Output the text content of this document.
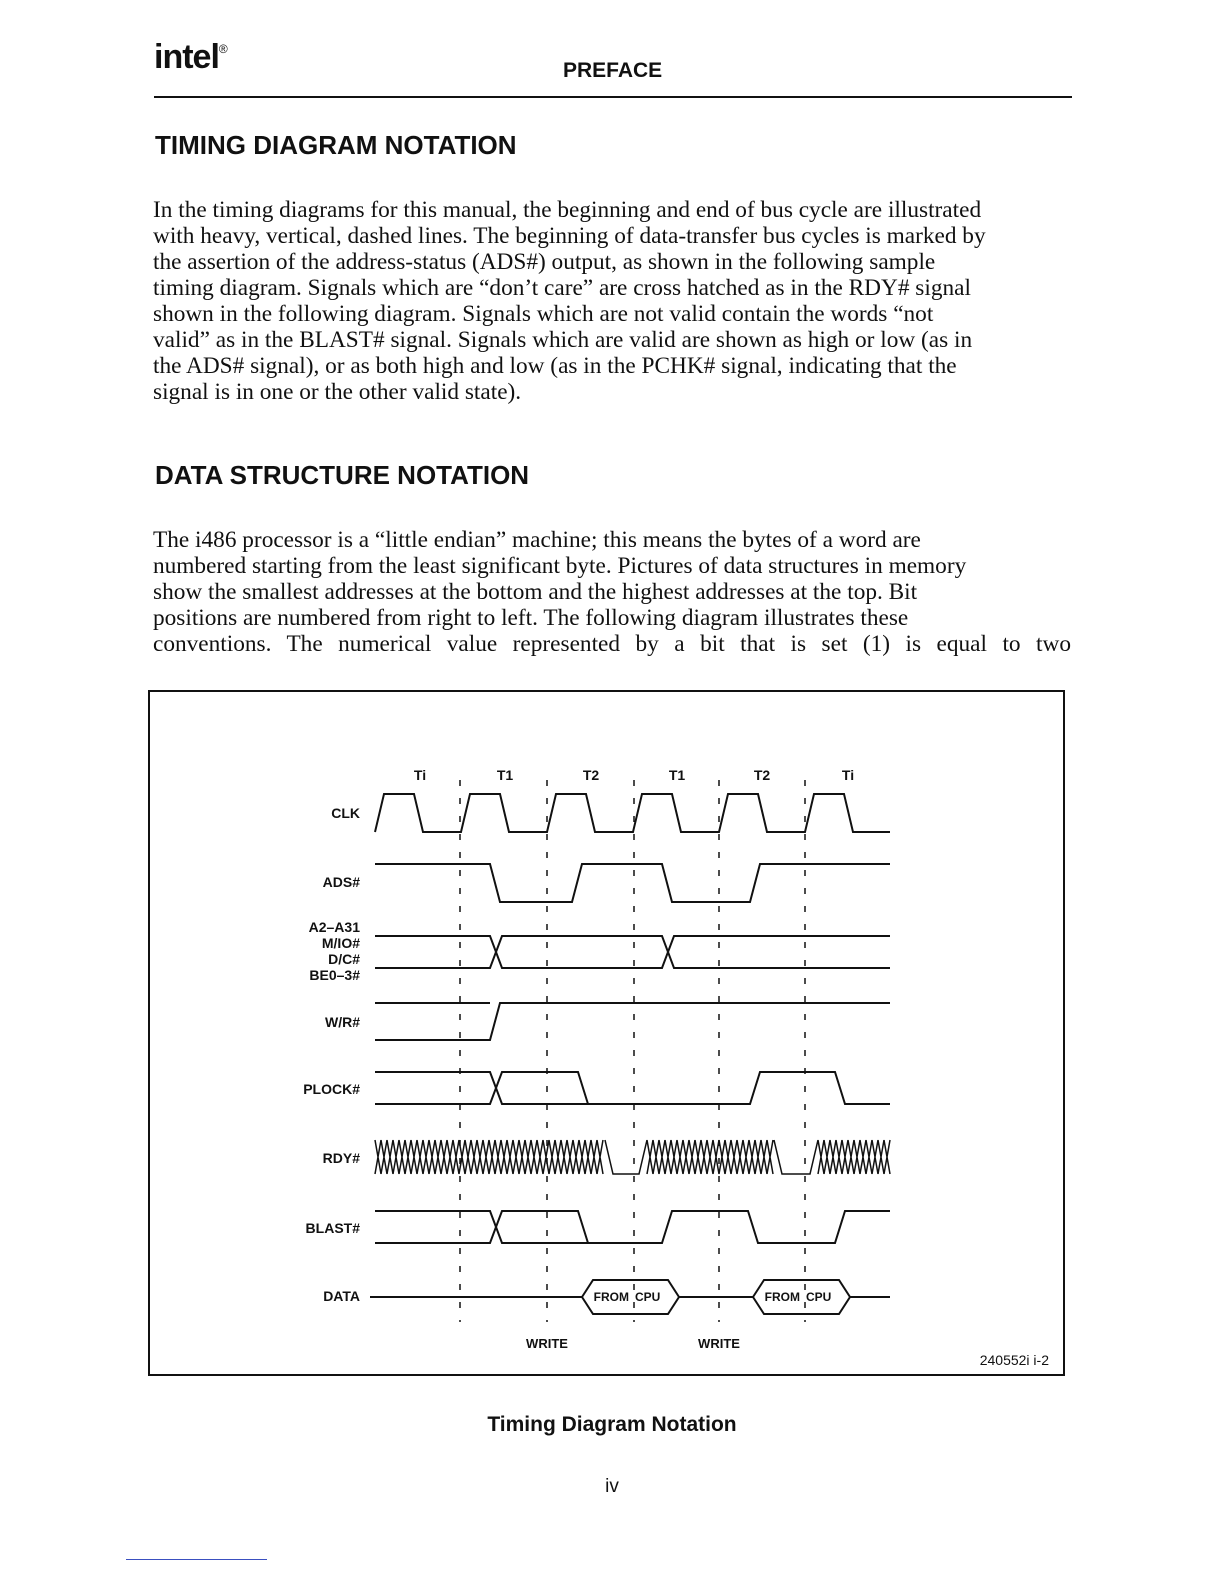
intel®
PREFACE
TIMING DIAGRAM NOTATION
In the timing diagrams for this manual, the beginning and end of bus cycle are illustrated
with heavy, vertical, dashed lines. The beginning of data-transfer bus cycles is marked by
the assertion of the address-status (ADS#) output, as shown in the following sample
timing diagram. Signals which are “don’t care” are cross hatched as in the RDY# signal
shown in the following diagram. Signals which are not valid contain the words “not
valid” as in the BLAST# signal. Signals which are valid are shown as high or low (as in
the ADS# signal), or as both high and low (as in the PCHK# signal, indicating that the
signal is in one or the other valid state).
DATA STRUCTURE NOTATION
The i486 processor is a “little endian” machine; this means the bytes of a word are
numbered starting from the least significant byte. Pictures of data structures in memory
show the smallest addresses at the bottom and the highest addresses at the top. Bit
positions are numbered from right to left. The following diagram illustrates these
conventions. The numerical value represented by a bit that is set (1) is equal to two
Ti	T1	T2	T1	T2	Ti
CLK
ADS#
A2–A31
M/IO#
D/C#
BE0–3#
W/R#
PLOCK#
RDY#
BLAST#
DATA	FROM CPU	FROM CPU
WRITE	WRITE
240552i i-2
Timing Diagram Notation
iv
